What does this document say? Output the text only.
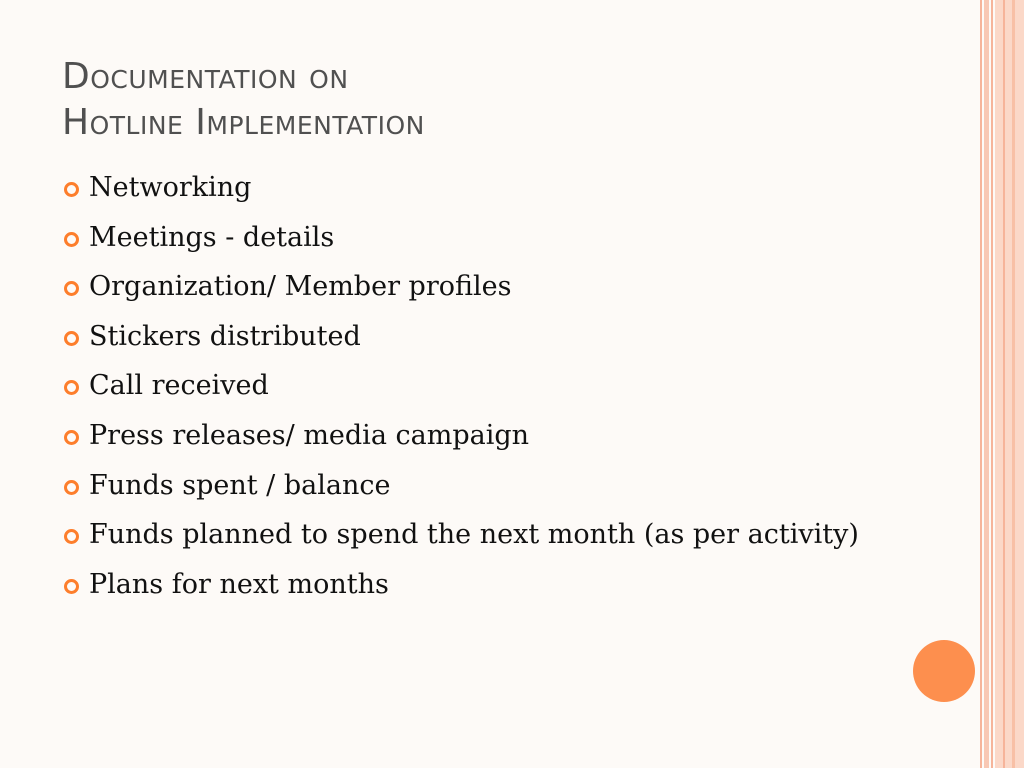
Documentation on
Hotline Implementation
Networking
Meetings - details
Organization/ Member profiles
Stickers distributed
Call received
Press releases/ media campaign
Funds spent / balance
Funds planned to spend the next month (as per activity)
Plans for next months
